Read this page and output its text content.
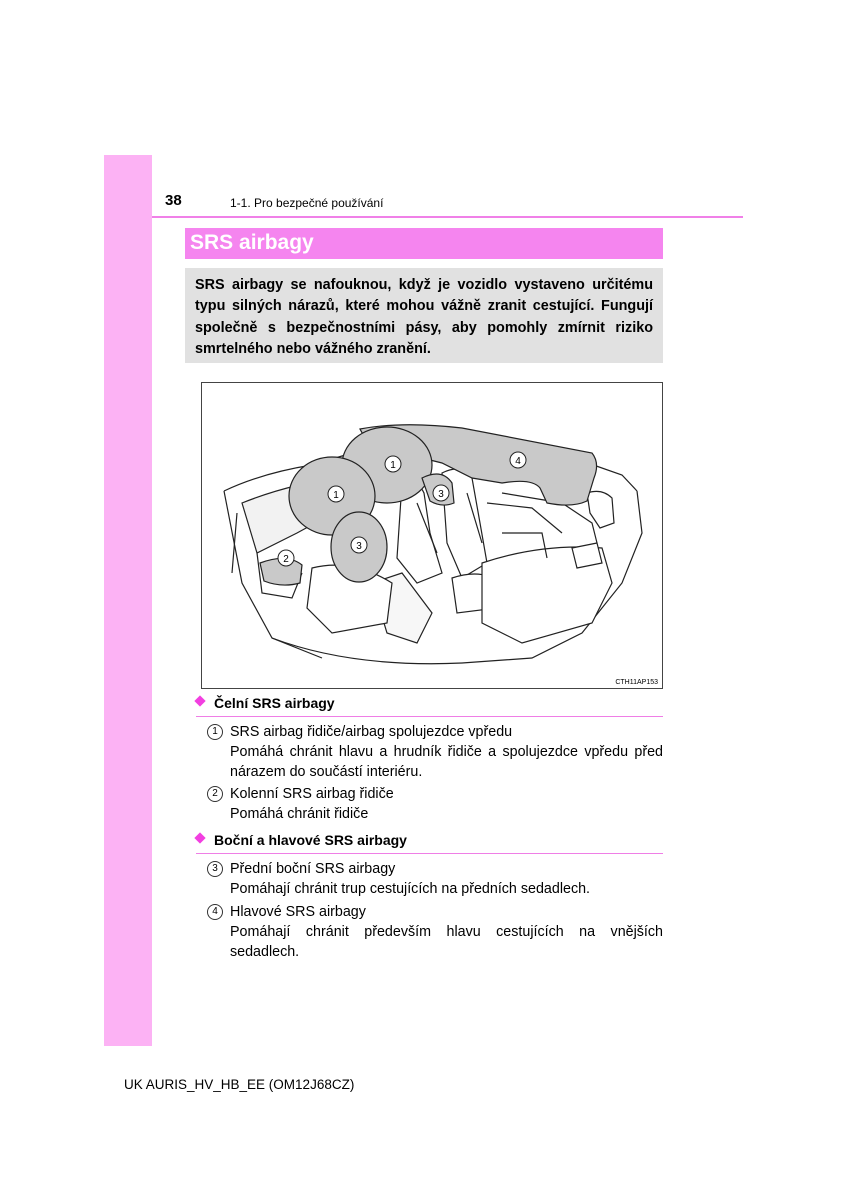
38	1-1. Pro bezpečné používání
SRS airbagy
SRS airbagy se nafouknou, když je vozidlo vystaveno určitému typu silných nárazů, které mohou vážně zranit cestující. Fungují společně s bezpečnostními pásy, aby pomohly zmírnit riziko smrtelného nebo vážného zranění.
1
1
2
3
3
4
CTH11AP153
Čelní SRS airbagy
1 SRS airbag řidiče/airbag spolujezdce vpředu
Pomáhá chránit hlavu a hrudník řidiče a spolujezdce vpředu před nárazem do součástí interiéru.
2 Kolenní SRS airbag řidiče
Pomáhá chránit řidiče
Boční a hlavové SRS airbagy
3 Přední boční SRS airbagy
Pomáhají chránit trup cestujících na předních sedadlech.
4 Hlavové SRS airbagy
Pomáhají chránit především hlavu cestujících na vnějších sedadlech.
UK AURIS_HV_HB_EE (OM12J68CZ)
